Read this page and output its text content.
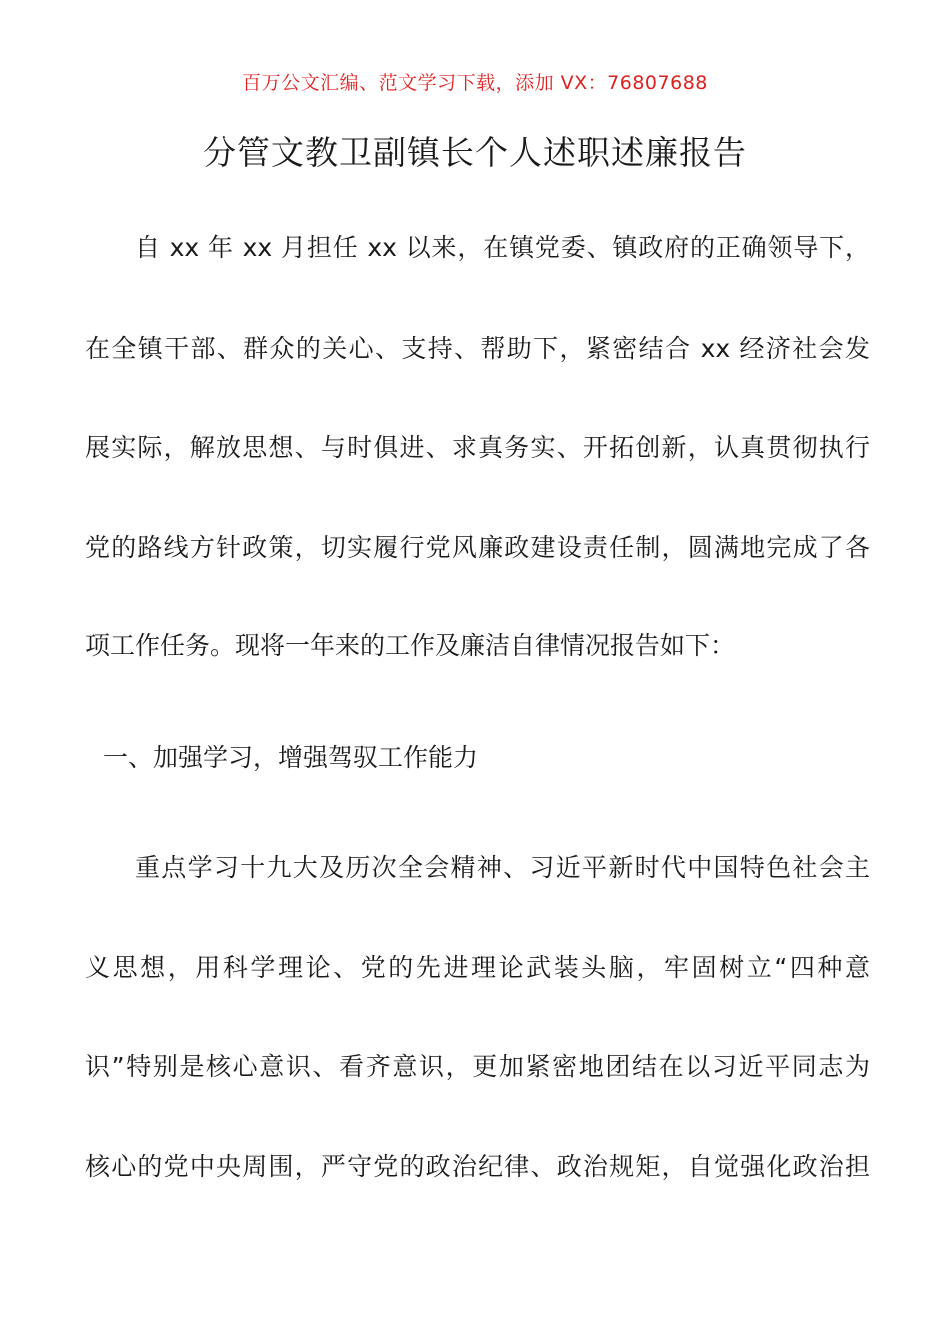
百万公文汇编、范文学习下载，添加 VX：76807688
分管文教卫副镇长个人述职述廉报告
自 xx 年 xx 月担任 xx 以来，在镇党委、镇政府的正确领导下，
在全镇干部、群众的关心、支持、帮助下，紧密结合 xx 经济社会发
展实际，解放思想、与时俱进、求真务实、开拓创新，认真贯彻执行
党的路线方针政策，切实履行党风廉政建设责任制，圆满地完成了各
项工作任务。现将一年来的工作及廉洁自律情况报告如下：
一、加强学习，增强驾驭工作能力
重点学习十九大及历次全会精神、习近平新时代中国特色社会主
义思想，用科学理论、党的先进理论武装头脑，牢固树立“四种意
识”特别是核心意识、看齐意识，更加紧密地团结在以习近平同志为
核心的党中央周围，严守党的政治纪律、政治规矩，自觉强化政治担
